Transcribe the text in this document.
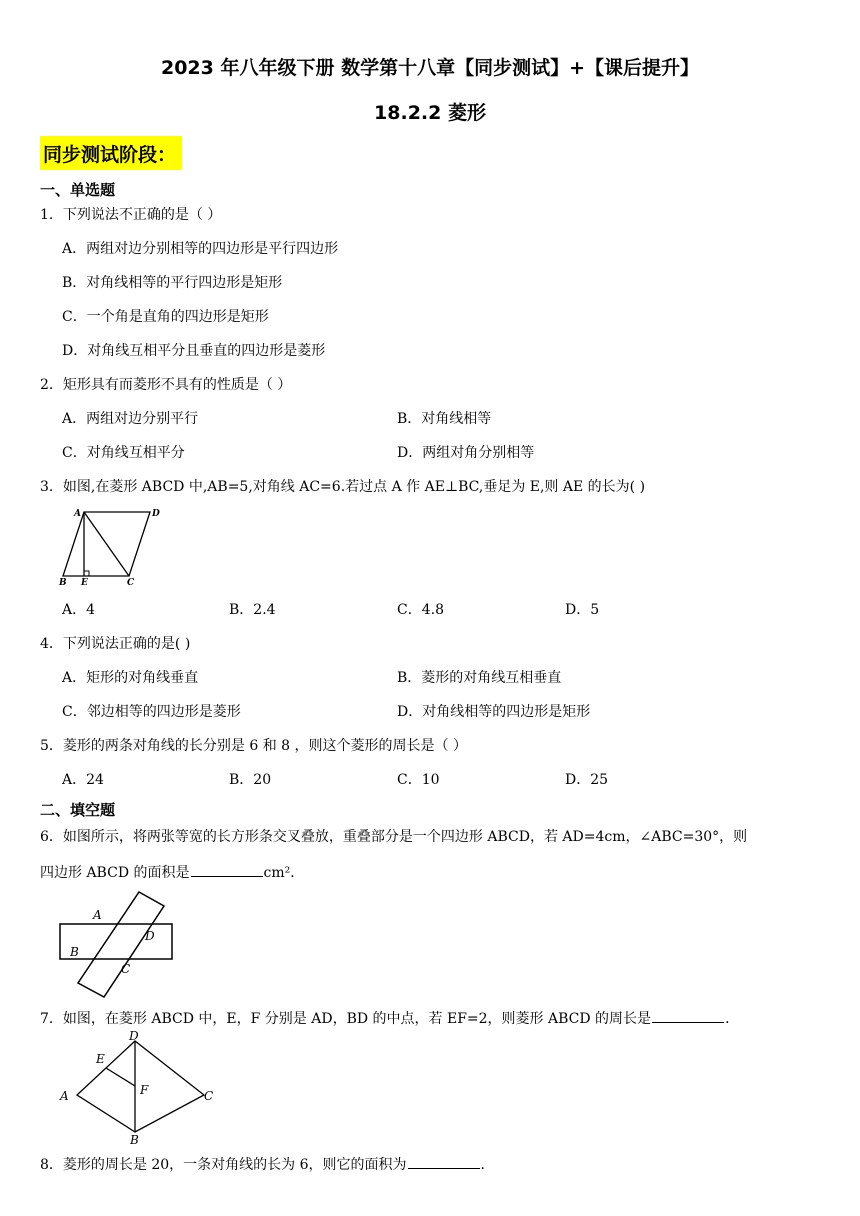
2023 年八年级下册 数学第十八章【同步测试】+【课后提升】
18.2.2 菱形
同步测试阶段：
一、单选题
1．下列说法不正确的是（ ）
A．两组对边分别相等的四边形是平行四边形
B．对角线相等的平行四边形是矩形
C．一个角是直角的四边形是矩形
D．对角线互相平分且垂直的四边形是菱形
2．矩形具有而菱形不具有的性质是（ ）
A．两组对边分别平行	B．对角线相等
C．对角线互相平分	D．两组对角分别相等
3．如图,在菱形 ABCD 中,AB=5,对角线 AC=6.若过点 A 作 AE⊥BC,垂足为 E,则 AE 的长为( )
A	D
B E	C
A．4	B．2.4	C．4.8	D．5
4．下列说法正确的是( )
A．矩形的对角线垂直	B．菱形的对角线互相垂直
C．邻边相等的四边形是菱形	D．对角线相等的四边形是矩形
5．菱形的两条对角线的长分别是 6 和 8 ，则这个菱形的周长是（ ）
A．24	B．20	C．10	D．25
二、填空题
6．如图所示，将两张等宽的长方形条交叉叠放，重叠部分是一个四边形 ABCD，若 AD=4cm，∠ABC=30°，则
四边形 ABCD 的面积是	cm²．
A
D
B
C
7．如图，在菱形 ABCD 中，E，F 分别是 AD，BD 的中点，若 EF=2，则菱形 ABCD 的周长是	．
D
E
F
A	C
B
8．菱形的周长是 20，一条对角线的长为 6，则它的面积为	．
